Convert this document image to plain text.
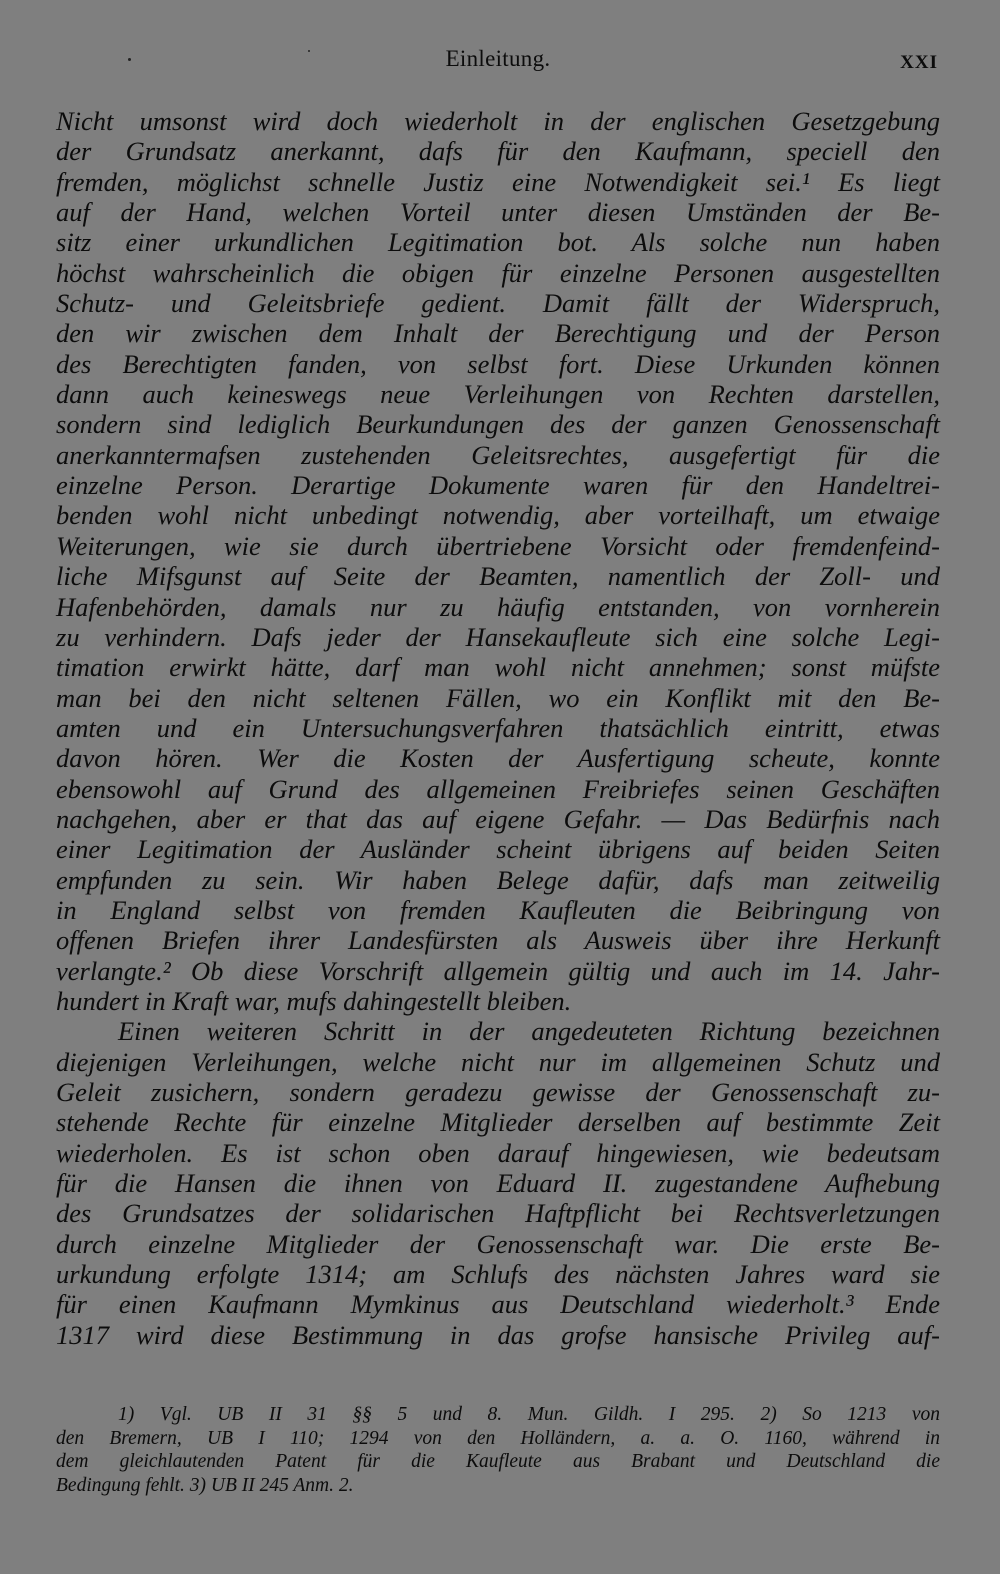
Einleitung.	XXI
Nicht umsonst wird doch wiederholt in der englischen Gesetzgebung
der Grundsatz anerkannt, dafs für den Kaufmann, speciell den
fremden, möglichst schnelle Justiz eine Notwendigkeit sei.¹ Es liegt
auf der Hand, welchen Vorteil unter diesen Umständen der Be-
sitz einer urkundlichen Legitimation bot. Als solche nun haben
höchst wahrscheinlich die obigen für einzelne Personen ausgestellten
Schutz- und Geleitsbriefe gedient. Damit fällt der Widerspruch,
den wir zwischen dem Inhalt der Berechtigung und der Person
des Berechtigten fanden, von selbst fort. Diese Urkunden können
dann auch keineswegs neue Verleihungen von Rechten darstellen,
sondern sind lediglich Beurkundungen des der ganzen Genossenschaft
anerkanntermafsen zustehenden Geleitsrechtes, ausgefertigt für die
einzelne Person. Derartige Dokumente waren für den Handeltrei-
benden wohl nicht unbedingt notwendig, aber vorteilhaft, um etwaige
Weiterungen, wie sie durch übertriebene Vorsicht oder fremdenfeind-
liche Mifsgunst auf Seite der Beamten, namentlich der Zoll- und
Hafenbehörden, damals nur zu häufig entstanden, von vornherein
zu verhindern. Dafs jeder der Hansekaufleute sich eine solche Legi-
timation erwirkt hätte, darf man wohl nicht annehmen; sonst müfste
man bei den nicht seltenen Fällen, wo ein Konflikt mit den Be-
amten und ein Untersuchungsverfahren thatsächlich eintritt, etwas
davon hören. Wer die Kosten der Ausfertigung scheute, konnte
ebensowohl auf Grund des allgemeinen Freibriefes seinen Geschäften
nachgehen, aber er that das auf eigene Gefahr. — Das Bedürfnis nach
einer Legitimation der Ausländer scheint übrigens auf beiden Seiten
empfunden zu sein. Wir haben Belege dafür, dafs man zeitweilig
in England selbst von fremden Kaufleuten die Beibringung von
offenen Briefen ihrer Landesfürsten als Ausweis über ihre Herkunft
verlangte.² Ob diese Vorschrift allgemein gültig und auch im 14. Jahr-
hundert in Kraft war, mufs dahingestellt bleiben.
Einen weiteren Schritt in der angedeuteten Richtung bezeichnen
diejenigen Verleihungen, welche nicht nur im allgemeinen Schutz und
Geleit zusichern, sondern geradezu gewisse der Genossenschaft zu-
stehende Rechte für einzelne Mitglieder derselben auf bestimmte Zeit
wiederholen. Es ist schon oben darauf hingewiesen, wie bedeutsam
für die Hansen die ihnen von Eduard II. zugestandene Aufhebung
des Grundsatzes der solidarischen Haftpflicht bei Rechtsverletzungen
durch einzelne Mitglieder der Genossenschaft war. Die erste Be-
urkundung erfolgte 1314; am Schlufs des nächsten Jahres ward sie
für einen Kaufmann Mymkinus aus Deutschland wiederholt.³ Ende
1317 wird diese Bestimmung in das grofse hansische Privileg auf-
1) Vgl. UB II 31 §§ 5 und 8. Mun. Gildh. I 295. 2) So 1213 von
den Bremern, UB I 110; 1294 von den Holländern, a. a. O. 1160, während in
dem gleichlautenden Patent für die Kaufleute aus Brabant und Deutschland die
Bedingung fehlt. 3) UB II 245 Anm. 2.
